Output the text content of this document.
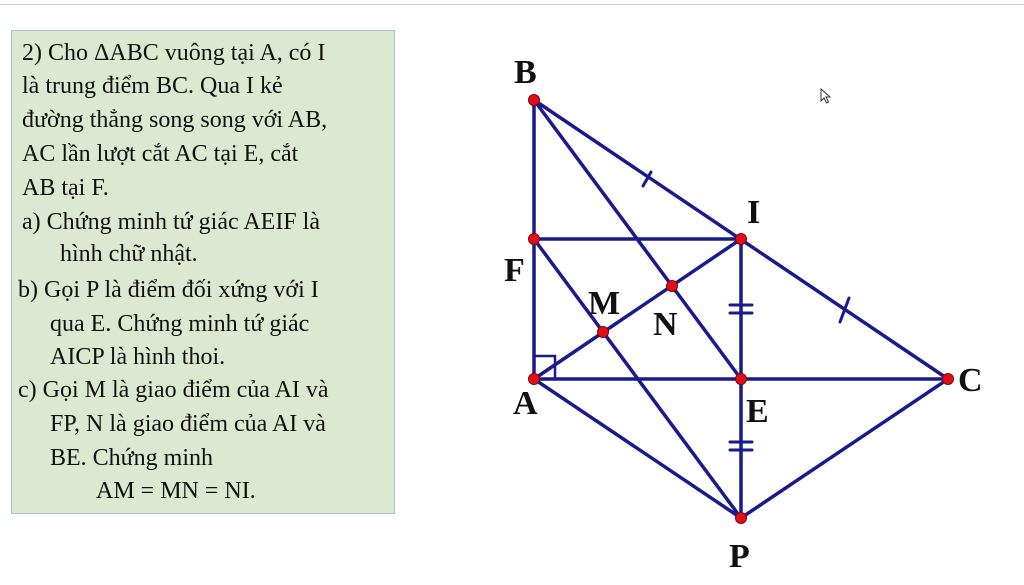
2) Cho ΔABC vuông tại A, có I
là trung điểm BC. Qua I kẻ
đường thẳng song song với AB,
AC lần lượt cắt AC tại E, cắt
AB tại F.
a) Chứng minh tứ giác AEIF là
hình chữ nhật.
b) Gọi P là điểm đối xứng với I
qua E. Chứng minh tứ giác
AICP là hình thoi.
c) Gọi M là giao điểm của AI và
FP, N là giao điểm của AI và
BE. Chứng minh
AM = MN = NI.
B
I
F
M
N
A	E
C
P
